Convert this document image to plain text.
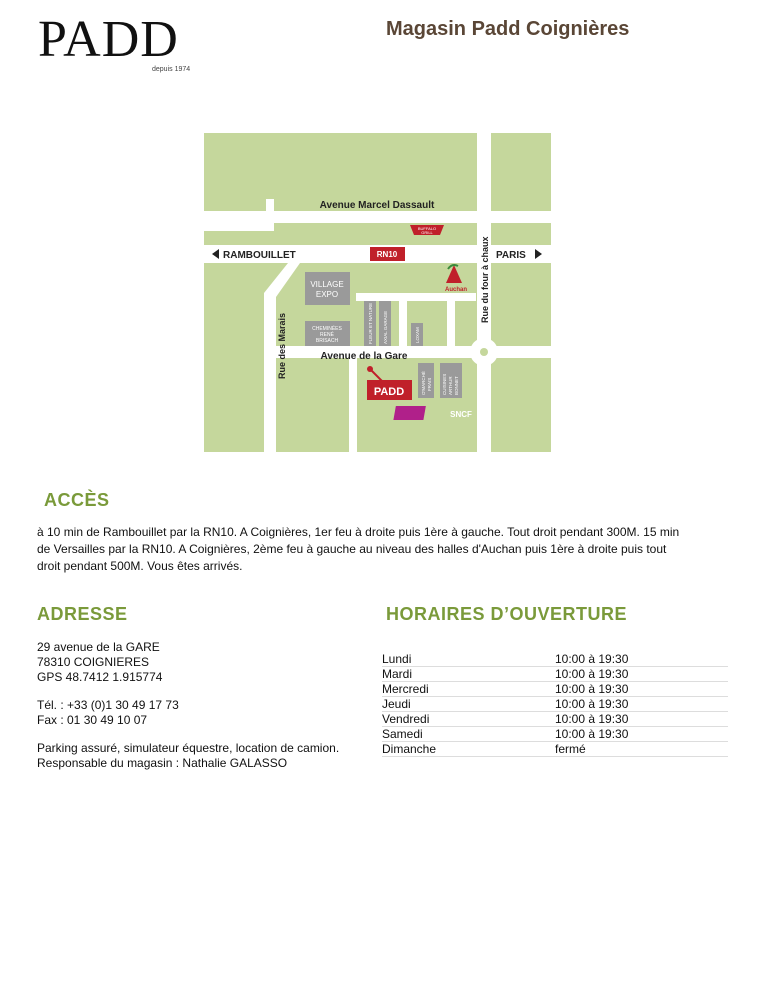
PADD
depuis 1974
Magasin Padd Coignières
VILLAGE
EXPO
CHEMINÉES
RENÉ
BRISACH	FLEUR ET NATURE AXIAL GARAGE	LOXAM
O'MARCHÉ FRAIS CUISINES ARTHUR BONNET
PADD
SNCF
Auchan
BUFFALO
GRILL
Avenue Marcel Dassault
RAMBOUILLET	RN10	PARIS
Rue du four à chaux
Rue des Marais	Avenue de la Gare
ACCÈS
à 10 min de Rambouillet par la RN10. A Coignières, 1er feu à droite puis 1ère à gauche. Tout droit pendant 300M. 15 min
de Versailles par la RN10. A Coignières, 2ème feu à gauche au niveau des halles d'Auchan puis 1ère à droite puis tout
droit pendant 500M. Vous êtes arrivés.
ADRESSE
29 avenue de la GARE
78310 COIGNIERES
GPS 48.7412 1.915774
Tél. : +33 (0)1 30 49 17 73
Fax : 01 30 49 10 07
Parking assuré, simulateur équestre, location de camion.
Responsable du magasin : Nathalie GALASSO
HORAIRES D’OUVERTURE
Lundi	10:00 à 19:30
Mardi	10:00 à 19:30
Mercredi	10:00 à 19:30
Jeudi	10:00 à 19:30
Vendredi	10:00 à 19:30
Samedi	10:00 à 19:30
Dimanche	fermé
